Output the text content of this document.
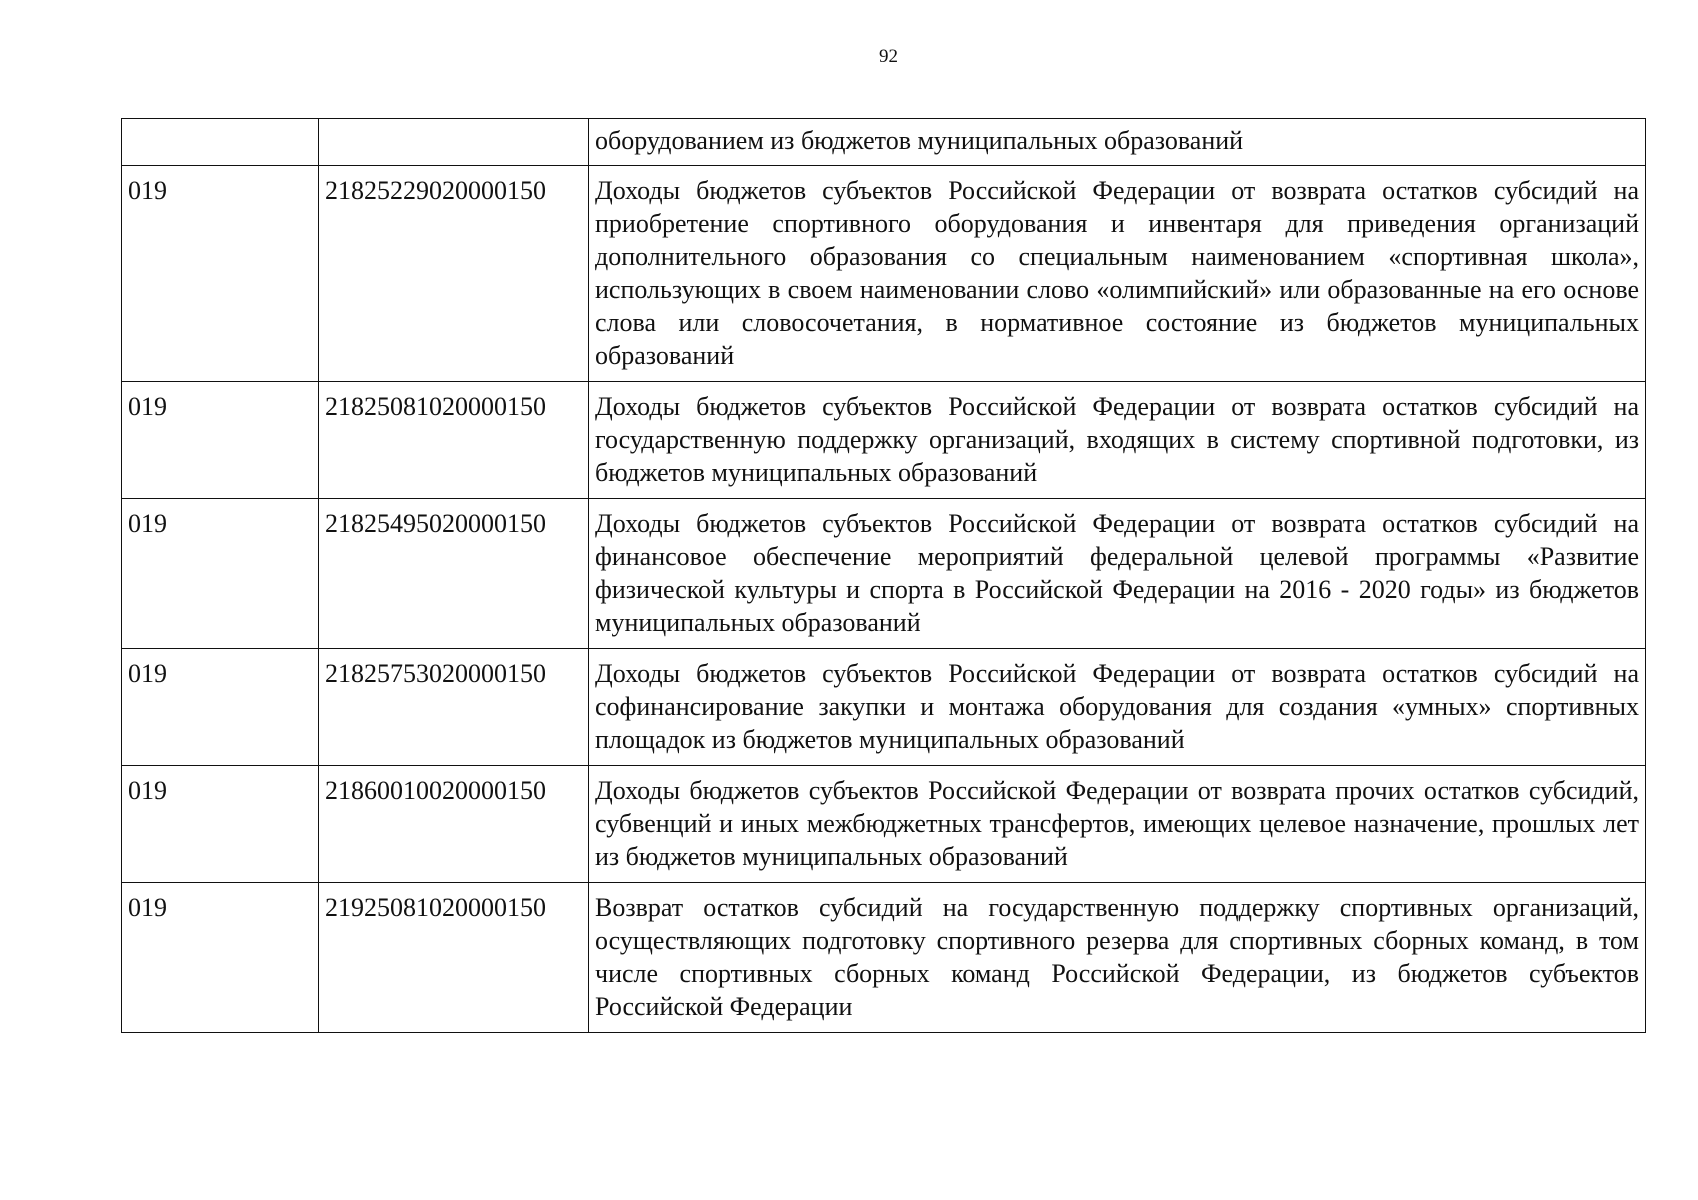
92
		оборудованием из бюджетов муниципальных образований
019	21825229020000150	Доходы бюджетов субъектов Российской Федерации от возврата остатков субсидий на приобретение спортивного оборудования и инвентаря для приведения организаций дополнительного образования со специальным наименованием «спортивная школа», использующих в своем наименовании слово «олимпийский» или образованные на его основе слова или словосочетания, в нормативное состояние из бюджетов муниципальных образований
019	21825081020000150	Доходы бюджетов субъектов Российской Федерации от возврата остатков субсидий на государственную поддержку организаций, входящих в систему спортивной подготовки, из бюджетов муниципальных образований
019	21825495020000150	Доходы бюджетов субъектов Российской Федерации от возврата остатков субсидий на финансовое обеспечение мероприятий федеральной целевой программы «Развитие физической культуры и спорта в Российской Федерации на 2016 - 2020 годы» из бюджетов муниципальных образований
019	21825753020000150	Доходы бюджетов субъектов Российской Федерации от возврата остатков субсидий на софинансирование закупки и монтажа оборудования для создания «умных» спортивных площадок из бюджетов муниципальных образований
019	21860010020000150	Доходы бюджетов субъектов Российской Федерации от возврата прочих остатков субсидий, субвенций и иных межбюджетных трансфертов, имеющих целевое назначение, прошлых лет из бюджетов муниципальных образований
019	21925081020000150	Возврат остатков субсидий на государственную поддержку спортивных организаций, осуществляющих подготовку спортивного резерва для спортивных сборных команд, в том числе спортивных сборных команд Российской Федерации, из бюджетов субъектов Российской Федерации
